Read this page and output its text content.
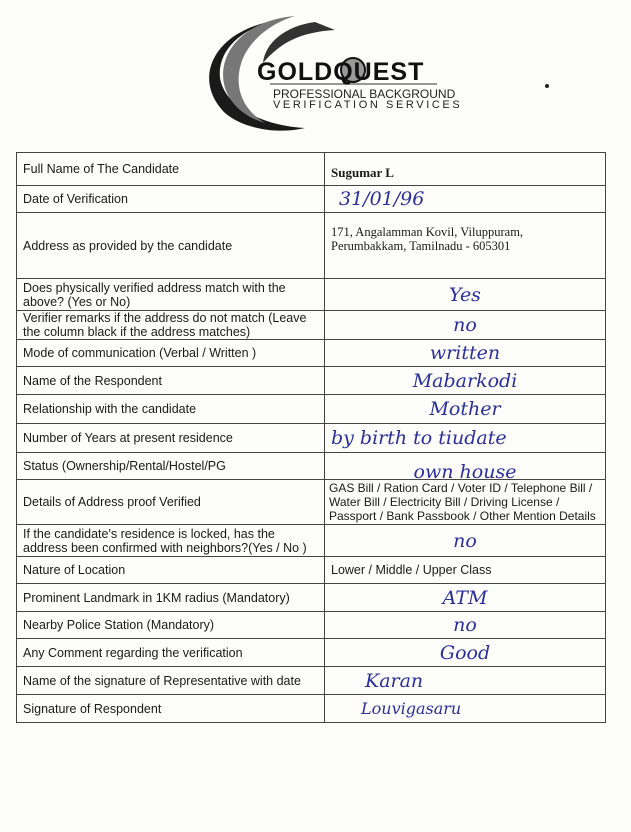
GOLDQUEST
PROFESSIONAL BACKGROUND
VERIFICATION SERVICES
Full Name of The Candidate	Sugumar L
Date of Verification	31/01/96
Address as provided by the candidate	171, Angalamman Kovil, Viluppuram, Perumbakkam, Tamilnadu - 605301
Does physically verified address match with the above? (Yes or No)	Yes
Verifier remarks if the address do not match (Leave the column black if the address matches)	no
Mode of communication (Verbal / Written )	written
Name of the Respondent	Mabarkodi
Relationship with the candidate	Mother
Number of Years at present residence	by birth to tiudate
Status (Ownership/Rental/Hostel/PG	own house
Details of Address proof Verified	GAS Bill / Ration Card / Voter ID / Telephone Bill / Water Bill / Electricity Bill / Driving License / Passport / Bank Passbook / Other Mention Details
If the candidate's residence is locked, has the address been confirmed with neighbors?(Yes / No )	no
Nature of Location	Lower / Middle / Upper Class
Prominent Landmark in 1KM radius (Mandatory)	ATM
Nearby Police Station (Mandatory)	no
Any Comment regarding the verification	Good
Name of the signature of Representative with date	Karan
Signature of Respondent	Louvigasaru
